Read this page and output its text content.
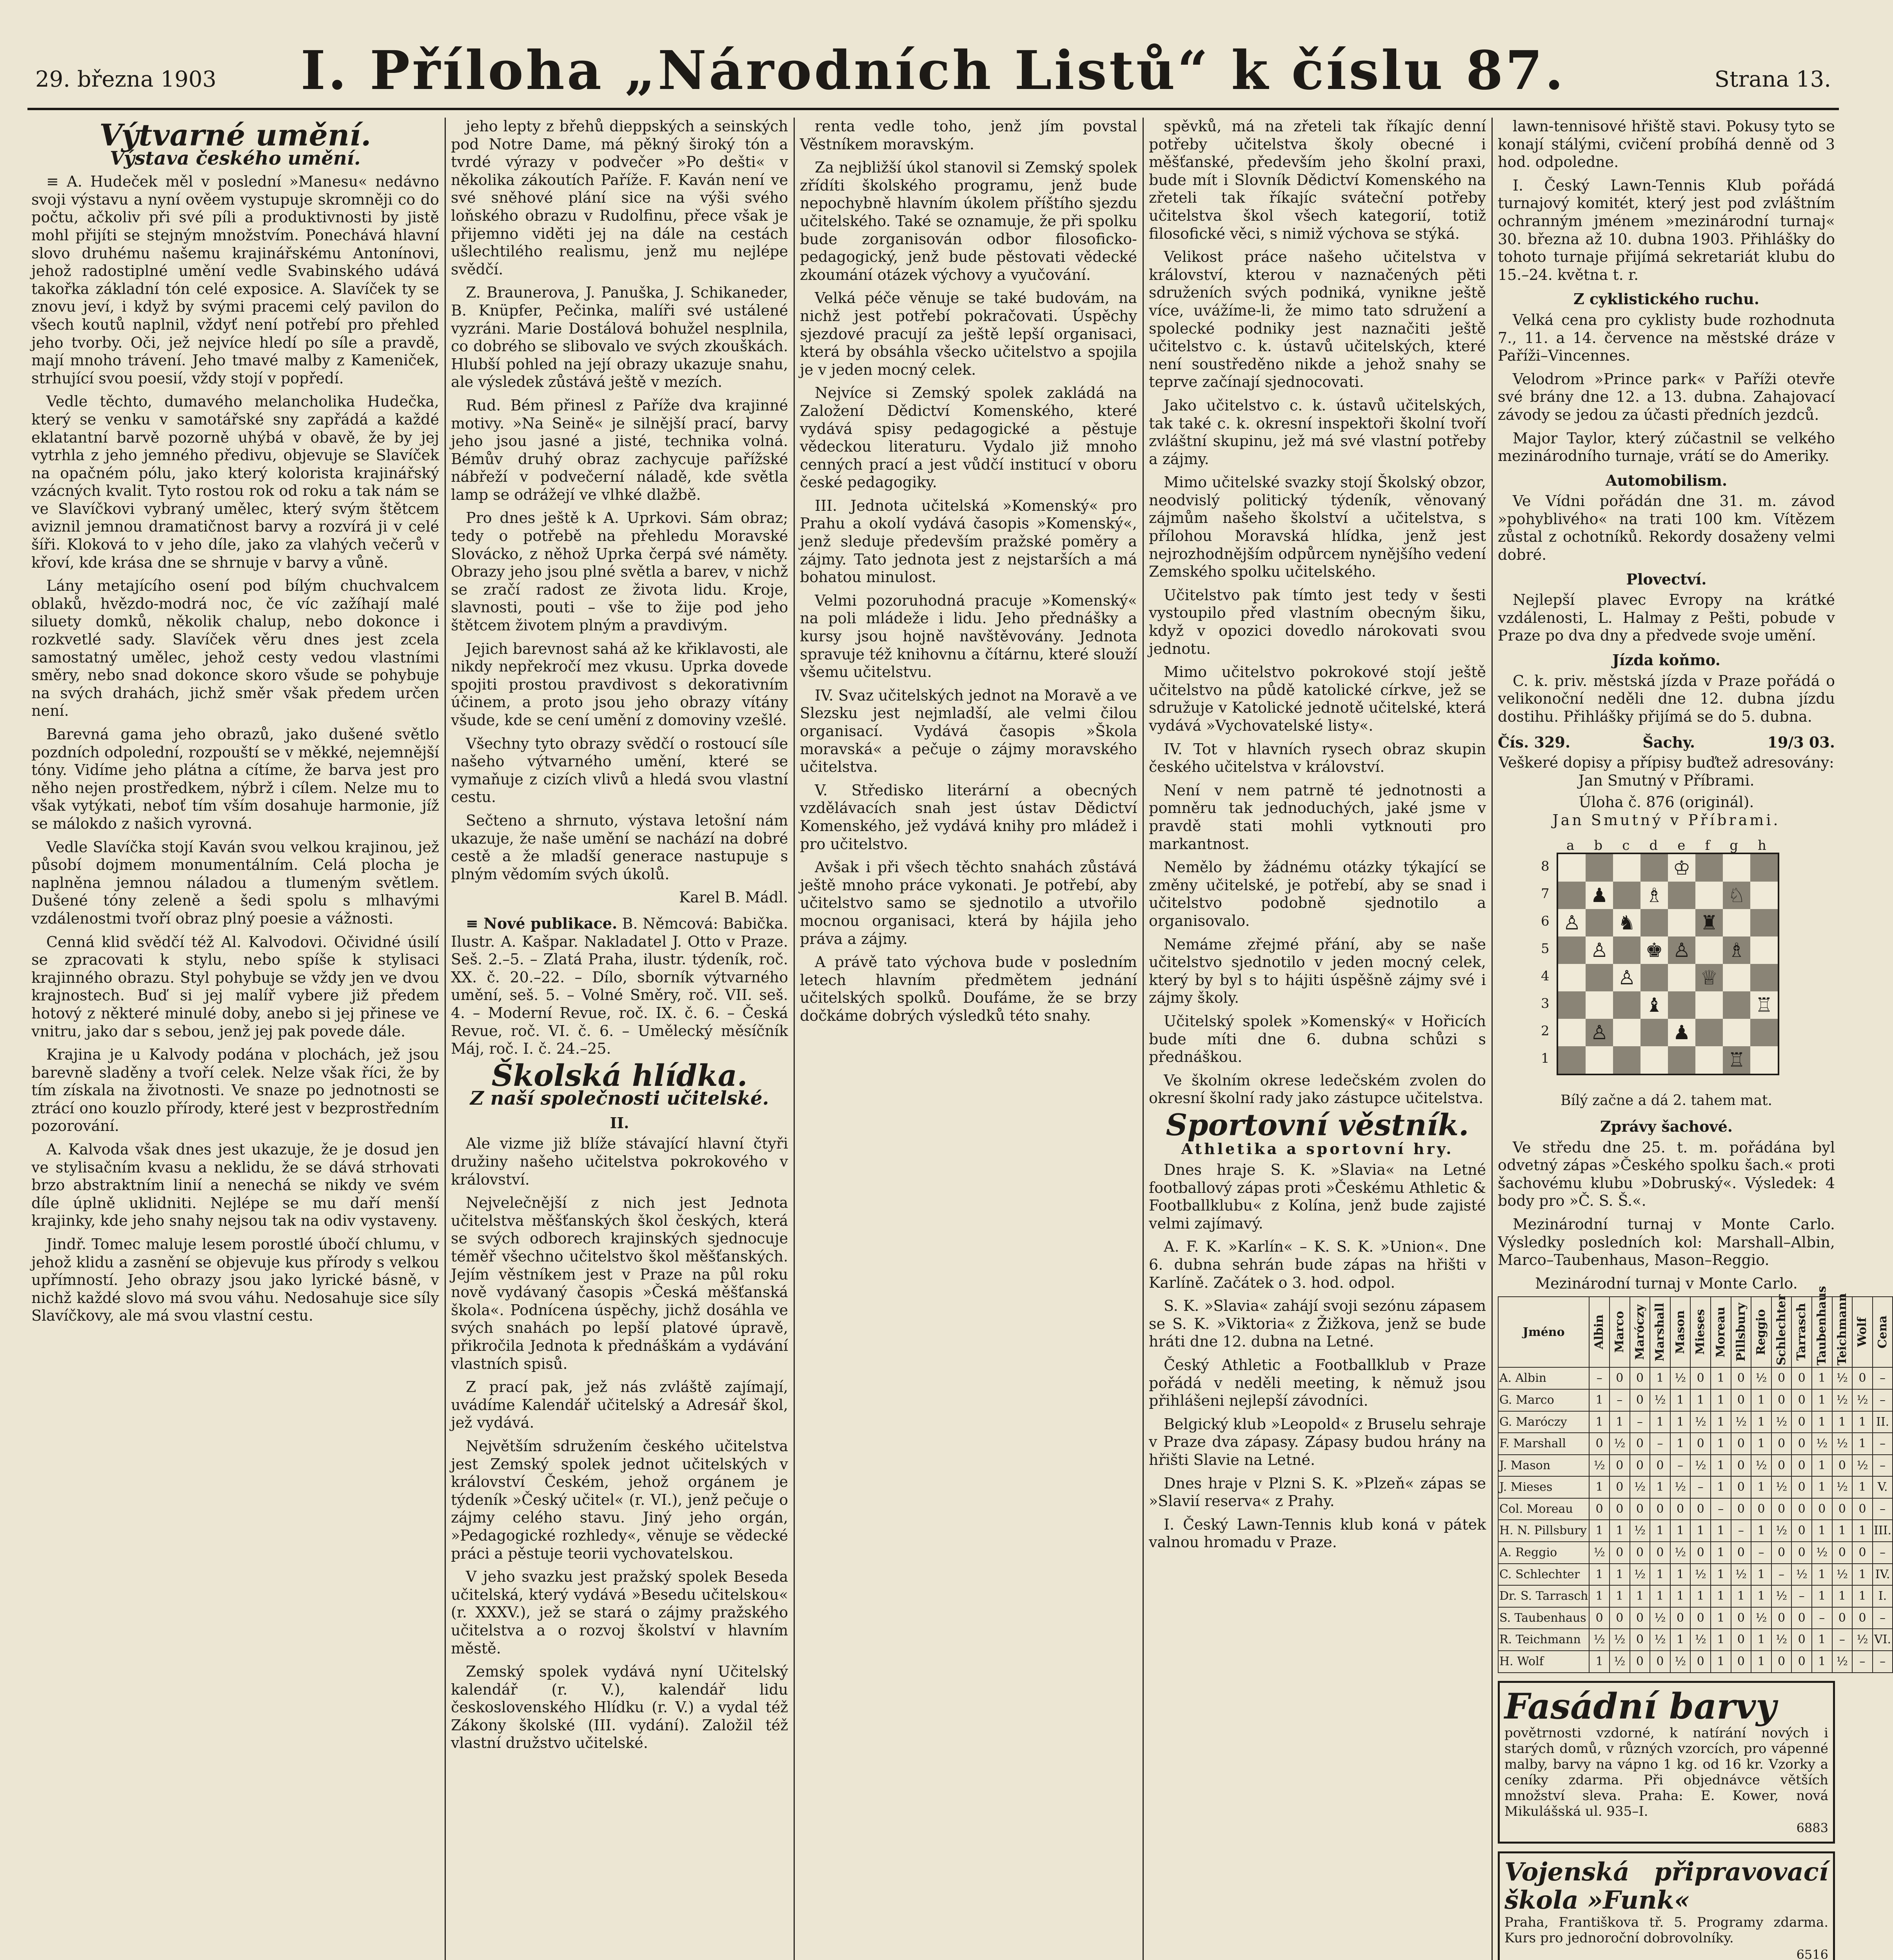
29. března 1903	I. Příloha „Národních Listů“ k číslu 87.	Strana 13.
Výtvarné umění.
Výstava českého umění.

≡ A. Hudeček měl v poslední »Manesu« nedávno svoji výstavu a nyní ověem vystupuje skromněji co do počtu, ačkoliv při své píli a produktivnosti by jistě mohl přijíti se stejným množstvím. Ponechává hlavní slovo druhému našemu krajinářskému Antonínovi, jehož radostiplné umění vedle Svabinského udává takořka základní tón celé exposice. A. Slavíček ty se znovu jeví, i když by svými pracemi celý pavilon do všech koutů naplnil, vždyť není potřebí pro přehled jeho tvorby. Oči, jež nejvíce hledí po síle a pravdě, mají mnoho trávení. Jeho tmavé malby z Kameniček, strhující svou poesií, vždy stojí v popředí.

Vedle těchto, dumavého melancholika Hudečka, který se venku v samotářské sny zapřádá a každé eklatantní barvě pozorně uhýbá v obavě, že by jej vytrhla z jeho jemného předivu, objevuje se Slavíček na opačném pólu, jako který kolorista krajinářský vzácných kvalit. Tyto rostou rok od roku a tak nám se ve Slavíčkovi vybraný umělec, který svým štětcem aviznil jemnou dramatičnost barvy a rozvírá ji v celé šíři. Kloková to v jeho díle, jako za vlahých večerů v křoví, kde krása dne se shrnuje v barvy a vůně.

Lány metajícího osení pod bílým chuchvalcem oblaků, hvězdo-modrá noc, če víc zažíhají malé siluety domků, několik chalup, nebo dokonce i rozkvetlé sady. Slavíček věru dnes jest zcela samostatný umělec, jehož cesty vedou vlastními směry, nebo snad dokonce skoro všude se pohybuje na svých drahách, jichž směr však předem určen není.

Barevná gama jeho obrazů, jako dušené světlo pozdních odpolední, rozpouští se v měkké, nejemnější tóny. Vidíme jeho plátna a cítíme, že barva jest pro něho nejen prostředkem, nýbrž i cílem. Nelze mu to však vytýkati, neboť tím vším dosahuje harmonie, jíž se málokdo z našich vyrovná.

Vedle Slavíčka stojí Kaván svou velkou krajinou, jež působí dojmem monumentálním. Celá plocha je naplněna jemnou náladou a tlumeným světlem. Dušené tóny zeleně a šedi spolu s mlhavými vzdálenostmi tvoří obraz plný poesie a vážnosti.

Cenná klid svědčí též Al. Kalvodovi. Očividné úsilí se zpracovati k stylu, nebo spíše k stylisaci krajinného obrazu. Styl pohybuje se vždy jen ve dvou krajnostech. Buď si jej malíř vybere již předem hotový z některé minulé doby, anebo si jej přinese ve vnitru, jako dar s sebou, jenž jej pak povede dále.

Krajina je u Kalvody podána v plochách, jež jsou barevně sladěny a tvoří celek. Nelze však říci, že by tím získala na životnosti. Ve snaze po jednotnosti se ztrácí ono kouzlo přírody, které jest v bezprostředním pozorování.

A. Kalvoda však dnes jest ukazuje, že je dosud jen ve stylisačním kvasu a neklidu, že se dává strhovati brzo abstraktním linií a nenechá se nikdy ve svém díle úplně uklidniti. Nejlépe se mu daří menší krajinky, kde jeho snahy nejsou tak na odiv vystaveny.

Jindř. Tomec maluje lesem porostlé úbočí chlumu, v jehož klidu a zasnění se objevuje kus přírody s velkou upřímností. Jeho obrazy jsou jako lyrické básně, v nichž každé slovo má svou váhu. Nedosahuje sice síly Slavíčkovy, ale má svou vlastní cestu.

jeho lepty z břehů dieppských a seinských pod Notre Dame, má pěkný široký tón a tvrdé výrazy v podvečer »Po dešti« v několika zákoutích Paříže. F. Kaván není ve své sněhové plání sice na výši svého loňského obrazu v Rudolfinu, přece však je přijemno viděti jej na dále na cestách ušlechtilého realismu, jenž mu nejlépe svědčí.

Z. Braunerova, J. Panuška, J. Schikaneder, B. Knüpfer, Pečinka, malíři své ustálené vyzráni. Marie Dostálová bohužel nesplnila, co dobrého se slibovalo ve svých zkouškách. Hlubší pohled na její obrazy ukazuje snahu, ale výsledek zůstává ještě v mezích.

Rud. Bém přinesl z Paříže dva krajinné motivy. »Na Seině« je silnější prací, barvy jeho jsou jasné a jisté, technika volná. Bémův druhý obraz zachycuje pařížské nábřeží v podvečerní náladě, kde světla lamp se odrážejí ve vlhké dlažbě.

Pro dnes ještě k A. Uprkovi. Sám obraz; tedy o potřebě na přehledu Moravské Slovácko, z něhož Uprka čerpá své náměty. Obrazy jeho jsou plné světla a barev, v nichž se zračí radost ze života lidu. Kroje, slavnosti, pouti – vše to žije pod jeho štětcem životem plným a pravdivým.

Jejich barevnost sahá až ke křiklavosti, ale nikdy nepřekročí mez vkusu. Uprka dovede spojiti prostou pravdivost s dekorativním účinem, a proto jsou jeho obrazy vítány všude, kde se cení umění z domoviny vzešlé.

Všechny tyto obrazy svědčí o rostoucí síle našeho výtvarného umění, které se vymaňuje z cizích vlivů a hledá svou vlastní cestu.

Sečteno a shrnuto, výstava letošní nám ukazuje, že naše umění se nachází na dobré cestě a že mladší generace nastupuje s plným vědomím svých úkolů.

Karel B. Mádl.

≡ Nové publikace. B. Němcová: Babička. Ilustr. A. Kašpar. Nakladatel J. Otto v Praze. Seš. 2.–5. – Zlatá Praha, ilustr. týdeník, roč. XX. č. 20.–22. – Dílo, sborník výtvarného umění, seš. 5. – Volné Směry, roč. VII. seš. 4. – Moderní Revue, roč. IX. č. 6. – Česká Revue, roč. VI. č. 6. – Umělecký měsíčník Máj, roč. I. č. 24.–25.

Školská hlídka.
Z naší společnosti učitelské.
II.

Ale vizme již blíže stávající hlavní čtyři družiny našeho učitelstva pokrokového v království.

Nejvelečnější z nich jest Jednota učitelstva měšťanských škol českých, která se svých odborech krajinských sjednocuje téměř všechno učitelstvo škol měšťanských. Jejím věstníkem jest v Praze na půl roku nově vydávaný časopis »Česká měšťanská škola«. Podnícena úspěchy, jichž dosáhla ve svých snahách po lepší platové úpravě, přikročila Jednota k přednáškám a vydávání vlastních spisů.

Z prací pak, jež nás zvláště zajímají, uvádíme Kalendář učitelský a Adresář škol, jež vydává.

Největším sdružením českého učitelstva jest Zemský spolek jednot učitelských v království Českém, jehož orgánem je týdeník »Český učitel« (r. VI.), jenž pečuje o zájmy celého stavu. Jiný jeho orgán, »Pedagogické rozhledy«, věnuje se vědecké práci a pěstuje teorii vychovatelskou.

V jeho svazku jest pražský spolek Beseda učitelská, který vydává »Besedu učitelskou« (r. XXXV.), jež se stará o zájmy pražského učitelstva a o rozvoj školství v hlavním městě.

Zemský spolek vydává nyní Učitelský kalendář (r. V.), kalendář lidu československého Hlídku (r. V.) a vydal též Zákony školské (III. vydání). Založil též vlastní družstvo učitelské.

renta vedle toho, jenž jím povstal Věstníkem moravským.

Za nejbližší úkol stanovil si Zemský spolek zřídíti školského programu, jenž bude nepochybně hlavním úkolem příštího sjezdu učitelského. Také se oznamuje, že při spolku bude zorganisován odbor filosoficko-pedagogický, jenž bude pěstovati vědecké zkoumání otázek výchovy a vyučování.

Velká péče věnuje se také budovám, na nichž jest potřebí pokračovati. Úspěchy sjezdové pracují za ještě lepší organisaci, která by obsáhla všecko učitelstvo a spojila je v jeden mocný celek.

Nejvíce si Zemský spolek zakládá na Založení Dědictví Komenského, které vydává spisy pedagogické a pěstuje vědeckou literaturu. Vydalo již mnoho cenných prací a jest vůdčí institucí v oboru české pedagogiky.

III. Jednota učitelská »Komenský« pro Prahu a okolí vydává časopis »Komenský«, jenž sleduje především pražské poměry a zájmy. Tato jednota jest z nejstarších a má bohatou minulost.

Velmi pozoruhodná pracuje »Komenský« na poli mládeže i lidu. Jeho přednášky a kursy jsou hojně navštěvovány. Jednota spravuje též knihovnu a čítárnu, které slouží všemu učitelstvu.

IV. Svaz učitelských jednot na Moravě a ve Slezsku jest nejmladší, ale velmi čilou organisací. Vydává časopis »Škola moravská« a pečuje o zájmy moravského učitelstva.

V. Středisko literární a obecných vzdělávacích snah jest ústav Dědictví Komenského, jež vydává knihy pro mládež i pro učitelstvo.

Avšak i při všech těchto snahách zůstává ještě mnoho práce vykonati. Je potřebí, aby učitelstvo samo se sjednotilo a utvořilo mocnou organisaci, která by hájila jeho práva a zájmy.

A právě tato výchova bude v posledním letech hlavním předmětem jednání učitelských spolků. Doufáme, že se brzy dočkáme dobrých výsledků této snahy.

spěvků, má na zřeteli tak říkajíc denní potřeby učitelstva školy obecné i měšťanské, především jeho školní praxi, bude mít i Slovník Dědictví Komenského na zřeteli tak říkajíc sváteční potřeby učitelstva škol všech kategorií, totiž filosofické věci, s nimiž výchova se stýká.

Velikost práce našeho učitelstva v království, kterou v naznačených pěti sdruženích svých podniká, vynikne ještě více, uvážíme-li, že mimo tato sdružení a spolecké podniky jest naznačiti ještě učitelstvo c. k. ústavů učitelských, které není soustředěno nikde a jehož snahy se teprve začínají sjednocovati.

Jako učitelstvo c. k. ústavů učitelských, tak také c. k. okresní inspektoři školní tvoří zvláštní skupinu, jež má své vlastní potřeby a zájmy.

Mimo učitelské svazky stojí Školský obzor, neodvislý politický týdeník, věnovaný zájmům našeho školství a učitelstva, s přílohou Moravská hlídka, jenž jest nejrozhodnějším odpůrcem nynějšího vedení Zemského spolku učitelského.

Učitelstvo pak tímto jest tedy v šesti vystoupilo před vlastním obecným šiku, když v opozici dovedlo nárokovati svou jednotu.

Mimo učitelstvo pokrokové stojí ještě učitelstvo na půdě katolické církve, jež se sdružuje v Katolické jednotě učitelské, která vydává »Vychovatelské listy«.

IV. Tot v hlavních rysech obraz skupin českého učitelstva v království.

Není v nem patrně té jednotnosti a pomněru tak jednoduchých, jaké jsme v pravdě stati mohli vytknouti pro markantnost.

Nemělo by žádnému otázky týkající se změny učitelské, je potřebí, aby se snad i učitelstvo podobně sjednotilo a organisovalo.

Nemáme zřejmé přání, aby se naše učitelstvo sjednotilo v jeden mocný celek, který by byl s to hájiti úspěšně zájmy své i zájmy školy.

Učitelský spolek »Komenský« v Hořicích bude míti dne 6. dubna schůzi s přednáškou.

Ve školním okrese ledečském zvolen do okresní školní rady jako zástupce učitelstva.

Sportovní věstník.
Athletika a sportovní hry.

Dnes hraje S. K. »Slavia« na Letné footballový zápas proti »Českému Athletic & Footballklubu« z Kolína, jenž bude zajisté velmi zajímavý.

A. F. K. »Karlín« – K. S. K. »Union«. Dne 6. dubna sehrán bude zápas na hřišti v Karlíně. Začátek o 3. hod. odpol.

S. K. »Slavia« zahájí svoji sezónu zápasem se S. K. »Viktoria« z Žižkova, jenž se bude hráti dne 12. dubna na Letné.

Český Athletic a Footballklub v Praze pořádá v neděli meeting, k němuž jsou přihlášeni nejlepší závodníci.

Belgický klub »Leopold« z Bruselu sehraje v Praze dva zápasy. Zápasy budou hrány na hřišti Slavie na Letné.

Dnes hraje v Plzni S. K. »Plzeň« zápas se »Slavií reserva« z Prahy.

I. Český Lawn-Tennis klub koná v pátek valnou hromadu v Praze.

lawn-tennisové hřiště stavi. Pokusy tyto se konají stálými, cvičení probíhá denně od 3 hod. odpoledne.

I. Český Lawn-Tennis Klub pořádá turnajový komitét, který jest pod zvláštním ochranným jménem »mezinárodní turnaj« 30. března až 10. dubna 1903. Přihlášky do tohoto turnaje přijímá sekretariát klubu do 15.–24. května t. r.

Z cyklistického ruchu.

Velká cena pro cyklisty bude rozhodnuta 7., 11. a 14. července na městské dráze v Paříži–Vincennes.

Velodrom »Prince park« v Paříži otevře své brány dne 12. a 13. dubna. Zahajovací závody se jedou za účasti předních jezdců.

Major Taylor, který zúčastnil se velkého mezinárodního turnaje, vrátí se do Ameriky.

Automobilism.

Ve Vídni pořádán dne 31. m. závod »pohyblivého« na trati 100 km. Vítězem zůstal z ochotníků. Rekordy dosaženy velmi dobré.

Plovectví.

Nejlepší plavec Evropy na krátké vzdálenosti, L. Halmay z Pešti, pobude v Praze po dva dny a předvede svoje umění.

Jízda koňmo.

C. k. priv. městská jízda v Praze pořádá o velikonoční neděli dne 12. dubna jízdu dostihu. Přihlášky přijímá se do 5. dubna.

Čís. 329.	Šachy.	19/3 03.
Veškeré dopisy a přípisy buďtež adresovány: Jan Smutný v Příbrami.
Úloha č. 876 (originál).
Jan Smutný v Příbrami.
a b c d e f g h
8
7
6
5
4
3
2
1
♔
♟ ♗	♘
♙ ♞	♜
♙ ♚ ♙ ♗
♙	♕
♝	♖
♙	♟
♖
Bílý začne a dá 2. tahem mat.
Zprávy šachové.

Ve středu dne 25. t. m. pořádána byl odvetný zápas »Českého spolku šach.« proti šachovému klubu »Dobruský«. Výsledek: 4 body pro »Č. S. Š.«.

Mezinárodní turnaj v Monte Carlo. Výsledky posledních kol: Marshall–Albin, Marco–Taubenhaus, Mason–Reggio.

Mezinárodní turnaj v Monte Carlo.
Jméno	Albin	Marco	Maróczy	Marshall	Mason	Mieses	Moreau	Pillsbury	Reggio	Schlechter	Tarrasch	Taubenhaus	Teichmann	Wolf	Cena
A. Albin	–	0	0	1	½	0	1	0	½	0	0	1	½	0	–
G. Marco	1	–	0	½	1	1	1	0	1	0	0	1	½	½	–
G. Maróczy	1	1	–	1	1	½	1	½	1	½	0	1	1	1	II.
F. Marshall	0	½	0	–	1	0	1	0	1	0	0	½	½	1	–
J. Mason	½	0	0	0	–	½	1	0	½	0	0	1	0	½	–
J. Mieses	1	0	½	1	½	–	1	0	1	½	0	1	½	1	V.
Col. Moreau	0	0	0	0	0	0	–	0	0	0	0	0	0	0	–
H. N. Pillsbury	1	1	½	1	1	1	1	–	1	½	0	1	1	1	III.
A. Reggio	½	0	0	0	½	0	1	0	–	0	0	½	0	0	–
C. Schlechter	1	1	½	1	1	½	1	½	1	–	½	1	½	1	IV.
Dr. S. Tarrasch	1	1	1	1	1	1	1	1	1	½	–	1	1	1	I.
S. Taubenhaus	0	0	0	½	0	0	1	0	½	0	0	–	0	0	–
R. Teichmann	½	½	0	½	1	½	1	0	1	½	0	1	–	½	VI.
H. Wolf	1	½	0	0	½	0	1	0	1	0	0	1	½	–	–
Fasádní barvy
povětrnosti vzdorné, k natírání nových i starých domů, v různých vzorcích, pro vápenné malby, barvy na vápno 1 kg. od 16 kr. Vzorky a ceníky zdarma. Při objednávce větších množství sleva. Praha: E. Kower, nová Mikulášská ul. 935–I.
6883
Vojenská připravovací škola »Funk«
Praha, Františkova tř. 5. Programy zdarma. Kurs pro jednoroční dobrovolníky.
6516
